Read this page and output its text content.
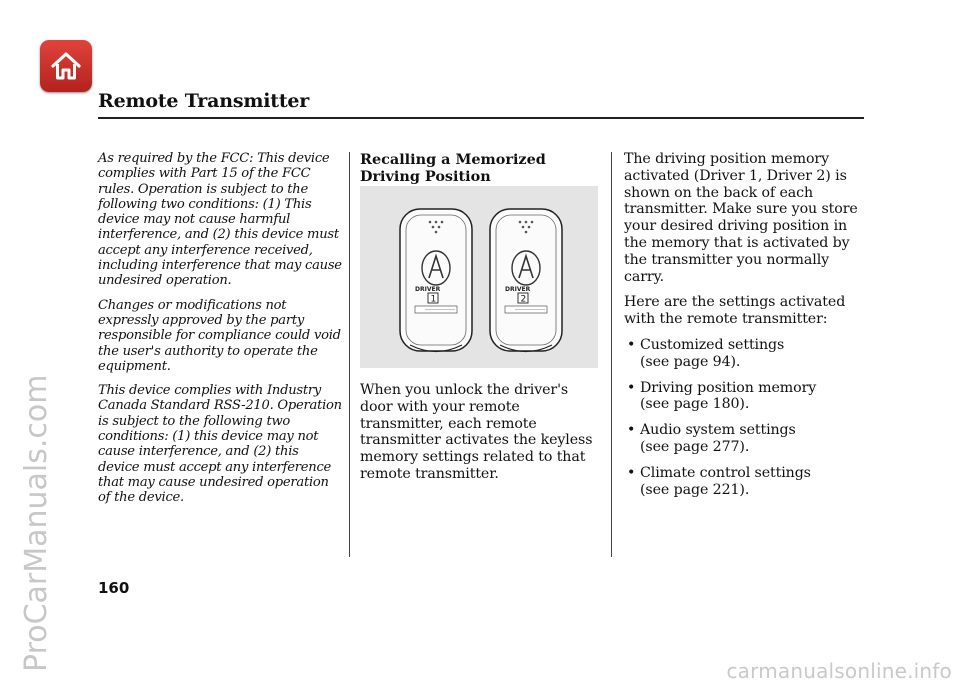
Remote Transmitter

As required by the FCC: This device complies with Part 15 of the FCC rules. Operation is subject to the following two conditions: (1) This device may not cause harmful interference, and (2) this device must accept any interference received, including interference that may cause undesired operation.

Changes or modifications not expressly approved by the party responsible for compliance could void the user's authority to operate the equipment.

This device complies with Industry Canada Standard RSS-210. Operation is subject to the following two conditions: (1) this device may not cause interference, and (2) this device must accept any interference that may cause undesired operation of the device.

Recalling a Memorized Driving Position
DRIVER
1
DRIVER
2

When you unlock the driver's door with your remote transmitter, each remote transmitter activates the keyless memory settings related to that remote transmitter.

The driving position memory activated (Driver 1, Driver 2) is shown on the back of each transmitter. Make sure you store your desired driving position in the memory that is activated by the transmitter you normally carry.

Here are the settings activated with the remote transmitter:

• Customized settings
(see page 94).
• Driving position memory
(see page 180).
• Audio system settings
(see page 277).
• Climate control settings
(see page 221).
160
ProCarManuals.com	carmanualsonline.info
